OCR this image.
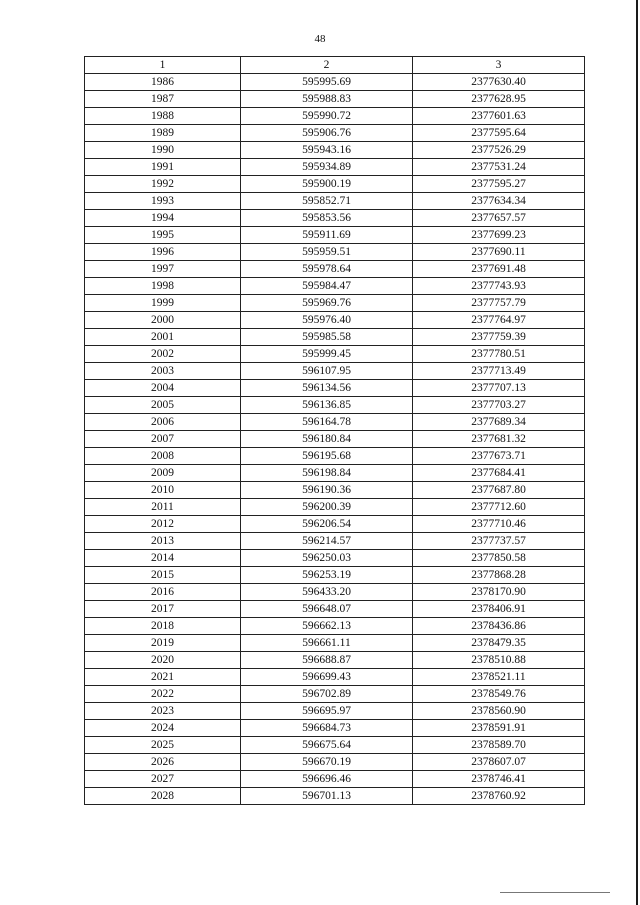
48
1	2	3
1986	595995.69	2377630.40
1987	595988.83	2377628.95
1988	595990.72	2377601.63
1989	595906.76	2377595.64
1990	595943.16	2377526.29
1991	595934.89	2377531.24
1992	595900.19	2377595.27
1993	595852.71	2377634.34
1994	595853.56	2377657.57
1995	595911.69	2377699.23
1996	595959.51	2377690.11
1997	595978.64	2377691.48
1998	595984.47	2377743.93
1999	595969.76	2377757.79
2000	595976.40	2377764.97
2001	595985.58	2377759.39
2002	595999.45	2377780.51
2003	596107.95	2377713.49
2004	596134.56	2377707.13
2005	596136.85	2377703.27
2006	596164.78	2377689.34
2007	596180.84	2377681.32
2008	596195.68	2377673.71
2009	596198.84	2377684.41
2010	596190.36	2377687.80
2011	596200.39	2377712.60
2012	596206.54	2377710.46
2013	596214.57	2377737.57
2014	596250.03	2377850.58
2015	596253.19	2377868.28
2016	596433.20	2378170.90
2017	596648.07	2378406.91
2018	596662.13	2378436.86
2019	596661.11	2378479.35
2020	596688.87	2378510.88
2021	596699.43	2378521.11
2022	596702.89	2378549.76
2023	596695.97	2378560.90
2024	596684.73	2378591.91
2025	596675.64	2378589.70
2026	596670.19	2378607.07
2027	596696.46	2378746.41
2028	596701.13	2378760.92
